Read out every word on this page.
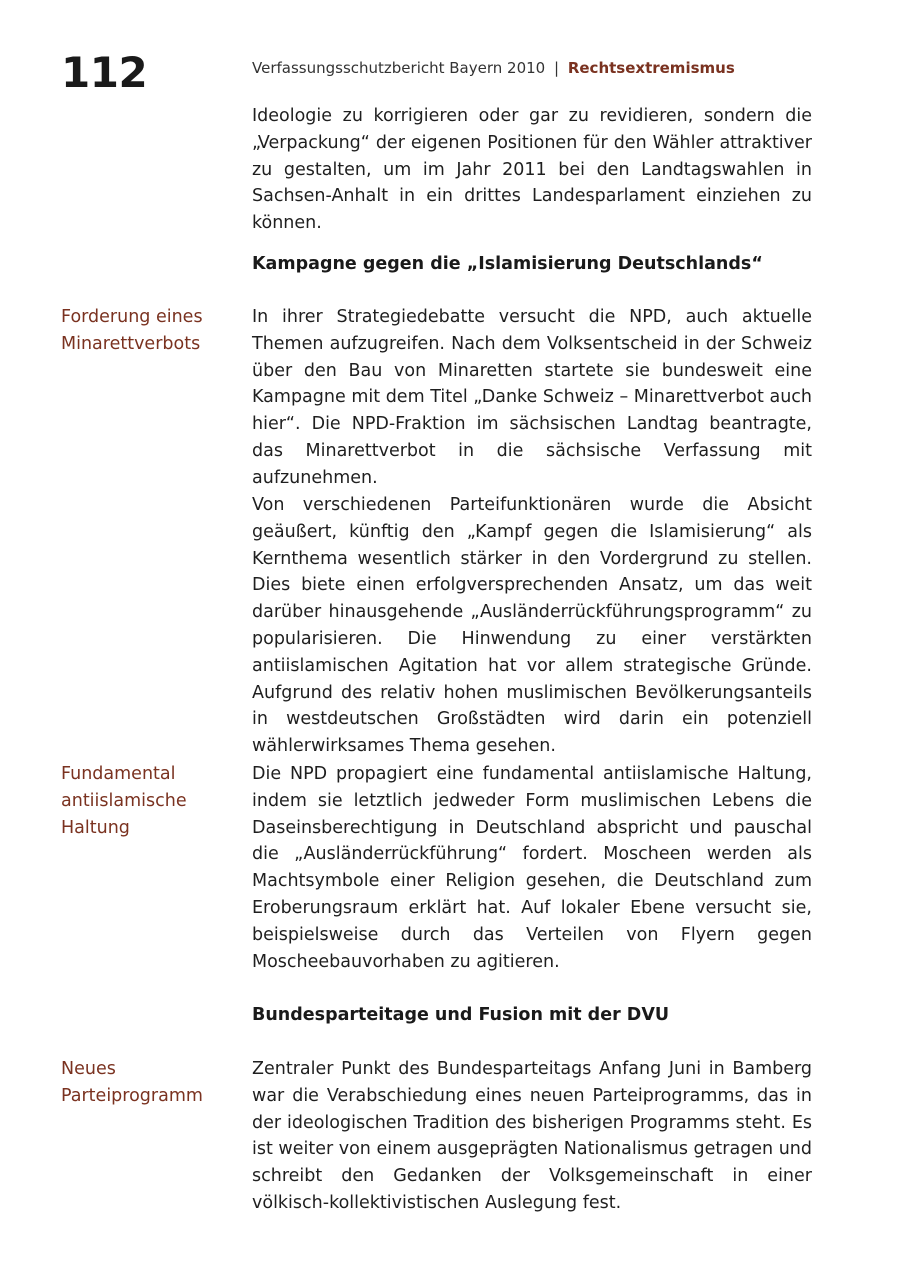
112	Verfassungsschutzbericht Bayern 2010 | Rechtsextremismus

Ideologie zu korrigieren oder gar zu revidieren, sondern die „Verpackung“ der eigenen Positionen für den Wähler attraktiver zu gestalten, um im Jahr 2011 bei den Landtagswahlen in Sachsen-Anhalt in ein drittes Landesparlament einziehen zu können.

Kampagne gegen die „Islamisierung Deutschlands“
Forderung eines
Minarettverbots

In ihrer Strategiedebatte versucht die NPD, auch aktuelle Themen aufzugreifen. Nach dem Volksentscheid in der Schweiz über den Bau von Minaretten startete sie bundesweit eine Kampagne mit dem Titel „Danke Schweiz – Minarettverbot auch hier“. Die NPD-Fraktion im sächsischen Landtag beantragte, das Minarettverbot in die sächsische Verfassung mit aufzunehmen.

Von verschiedenen Parteifunktionären wurde die Absicht geäußert, künftig den „Kampf gegen die Islamisierung“ als Kernthema wesentlich stärker in den Vordergrund zu stellen. Dies biete einen erfolgversprechenden Ansatz, um das weit darüber hinausgehende „Ausländerrückführungsprogramm“ zu popularisieren. Die Hinwendung zu einer verstärkten antiislamischen Agitation hat vor allem strategische Gründe. Aufgrund des relativ hohen muslimischen Bevölkerungsanteils in westdeutschen Großstädten wird darin ein potenziell wählerwirksames Thema gesehen.

Fundamental
antiislamische
Haltung

Die NPD propagiert eine fundamental antiislamische Haltung, indem sie letztlich jedweder Form muslimischen Lebens die Daseinsberechtigung in Deutschland abspricht und pauschal die „Ausländerrückführung“ fordert. Moscheen werden als Machtsymbole einer Religion gesehen, die Deutschland zum Eroberungsraum erklärt hat. Auf lokaler Ebene versucht sie, beispielsweise durch das Verteilen von Flyern gegen Moscheebauvorhaben zu agitieren.

Bundesparteitage und Fusion mit der DVU
Neues
Parteiprogramm

Zentraler Punkt des Bundesparteitags Anfang Juni in Bamberg war die Verabschiedung eines neuen Parteiprogramms, das in der ideologischen Tradition des bisherigen Programms steht. Es ist weiter von einem ausgeprägten Nationalismus getragen und schreibt den Gedanken der Volksgemeinschaft in einer völkisch-kollektivistischen Auslegung fest.
